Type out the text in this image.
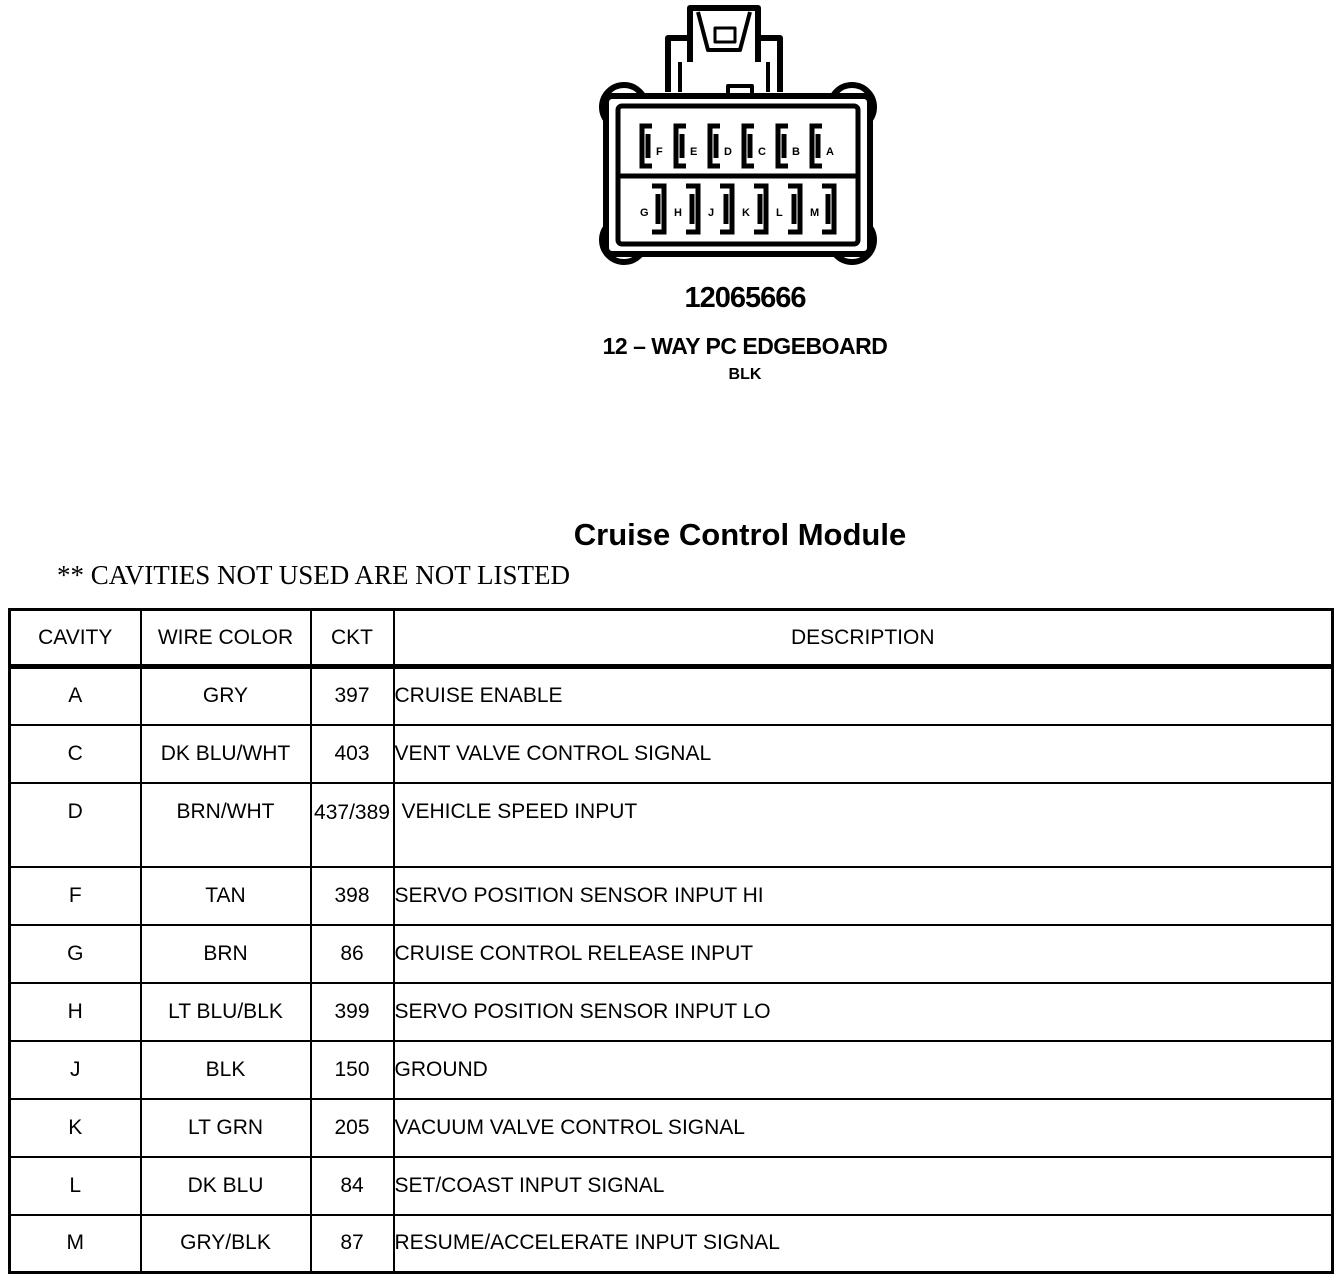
F E D C B A
G H J	K L M
12065666
12 – WAY PC EDGEBOARD
BLK
Cruise Control Module
** CAVITIES NOT USED ARE NOT LISTED
CAVITY	WIRE COLOR	CKT	DESCRIPTION
A	GRY	397	CRUISE ENABLE
C	DK BLU/WHT	403	VENT VALVE CONTROL SIGNAL
D	BRN/WHT	437/389	VEHICLE SPEED INPUT
F	TAN	398	SERVO POSITION SENSOR INPUT HI
G	BRN	86	CRUISE CONTROL RELEASE INPUT
H	LT BLU/BLK	399	SERVO POSITION SENSOR INPUT LO
J	BLK	150	GROUND
K	LT GRN	205	VACUUM VALVE CONTROL SIGNAL
L	DK BLU	84	SET/COAST INPUT SIGNAL
M	GRY/BLK	87	RESUME/ACCELERATE INPUT SIGNAL
